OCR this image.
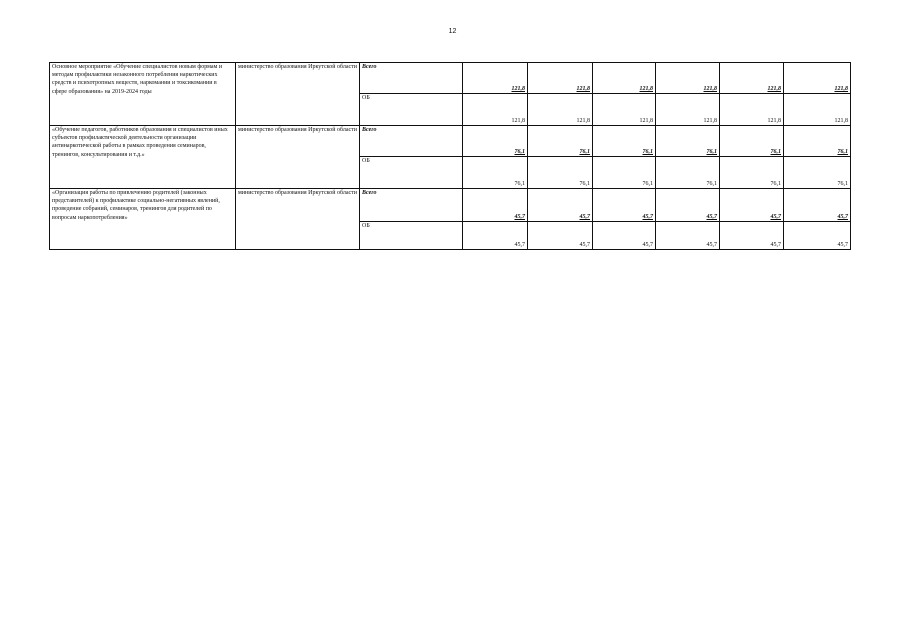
12
Основное мероприятие «Обучение специалистов новым формам и методам профилактики незаконного потребления наркотических средств и психотропных веществ, наркомании и токсикомании в сфере образования» на 2019-2024 годы	министерство образования Иркутской области	Всего	121,8	121,8	121,8	121,8	121,8	121,8
		ОБ	121,8	121,8	121,8	121,8	121,8	121,8
«Обучение педагогов, работников образования и специалистов иных субъектов профилактической деятельности организации антинаркотической работы в рамках проведения семинаров, тренингов, консультирования и т.д.»	министерство образования Иркутской области	Всего	76,1	76,1	76,1	76,1	76,1	76,1
		ОБ	76,1	76,1	76,1	76,1	76,1	76,1
«Организация работы по привлечению родителей (законных представителей) к профилактике социально-негативных явлений, проведение собраний, семинаров, тренингов для родителей по вопросам наркопотребления»	министерство образования Иркутской области	Всего	45,7	45,7	45,7	45,7	45,7	45,7
		ОБ	45,7	45,7	45,7	45,7	45,7	45,7
